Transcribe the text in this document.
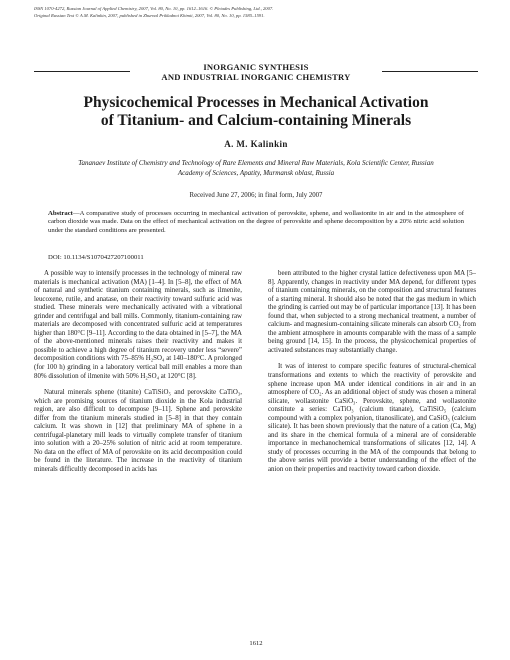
ISSN 1070-4272, Russian Journal of Applied Chemistry, 2007, Vol. 80, No. 10, pp. 1612–1616. © Pleiades Publishing, Ltd., 2007.
Original Russian Text © A.M. Kalinkin, 2007, published in Zhurnal Prikladnoi Khimii, 2007, Vol. 80, No. 10, pp. 1585–1591.
INORGANIC SYNTHESIS
AND INDUSTRIAL INORGANIC CHEMISTRY
Physicochemical Processes in Mechanical Activation
of Titanium- and Calcium-containing Minerals
A. M. Kalinkin
Tananaev Institute of Chemistry and Technology of Rare Elements and Mineral Raw Materials, Kola Scientific Center, Russian Academy of Sciences, Apatity, Murmansk oblast, Russia
Received June 27, 2006; in final form, July 2007
Abstract—A comparative study of processes occurring in mechanical activation of perovskite, sphene, and wollastonite in air and in the atmosphere of carbon dioxide was made. Data on the effect of mechanical activation on the degree of perovskite and sphene decomposition by a 20% nitric acid solution under the standard conditions are presented.
DOI: 10.1134/S1070427207100011

A possible way to intensify processes in the technology of mineral raw materials is mechanical activation (MA) [1–4]. In [5–8], the effect of MA of natural and synthetic titanium containing minerals, such as ilmenite, leucoxene, rutile, and anatase, on their reactivity toward sulfuric acid was studied. These minerals were mechanically activated with a vibrational grinder and centrifugal and ball mills. Commonly, titanium-containing raw materials are decomposed with concentrated sulfuric acid at temperatures higher than 180°C [9–11]. According to the data obtained in [5–7], the MA of the above-mentioned minerals raises their reactivity and makes it possible to achieve a high degree of titanium recovery under less “severe” decomposition conditions with 75–85% H₂SO₄ at 140–180°C. A prolonged (for 100 h) grinding in a laboratory vertical ball mill enables a more than 80% dissolution of ilmenite with 50% H₂SO₄ at 120°C [8].

Natural minerals sphene (titanite) CaTiSiO₅ and perovskite CaTiO₃, which are promising sources of titanium dioxide in the Kola industrial region, are also difficult to decompose [9–11]. Sphene and perovskite differ from the titanium minerals studied in [5–8] in that they contain calcium. It was shown in [12] that preliminary MA of sphene in a centrifugal-planetary mill leads to virtually complete transfer of titanium into solution with a 20–25% solution of nitric acid at room temperature. No data on the effect of MA of perovskite on its acid decomposition could be found in the literature. The increase in the reactivity of titanium minerals difficultly decomposed in acids has

been attributed to the higher crystal lattice defectiveness upon MA [5–8]. Apparently, changes in reactivity under MA depend, for different types of titanium containing minerals, on the composition and structural features of a starting mineral. It should also be noted that the gas medium in which the grinding is carried out may be of particular importance [13]. It has been found that, when subjected to a strong mechanical treatment, a number of calcium- and magnesium-containing silicate minerals can absorb CO₂ from the ambient atmosphere in amounts comparable with the mass of a sample being ground [14, 15]. In the process, the physicochemical properties of activated substances may substantially change.

It was of interest to compare specific features of structural-chemical transformations and extents to which the reactivity of perovskite and sphene increase upon MA under identical conditions in air and in an atmosphere of CO₂. As an additional object of study was chosen a mineral silicate, wollastonite CaSiO₃. Perovskite, sphene, and wollastonite constitute a series: CaTiO₃ (calcium titanate), CaTiSiO₅ (calcium compound with a complex polyanion, titanosilicate), and CaSiO₃ (calcium silicate). It has been shown previously that the nature of a cation (Ca, Mg) and its share in the chemical formula of a mineral are of considerable importance in mechanochemical transformations of silicates [12, 14]. A study of processes occurring in the MA of the compounds that belong to the above series will provide a better understanding of the effect of the anion on their properties and reactivity toward carbon dioxide.

1612
